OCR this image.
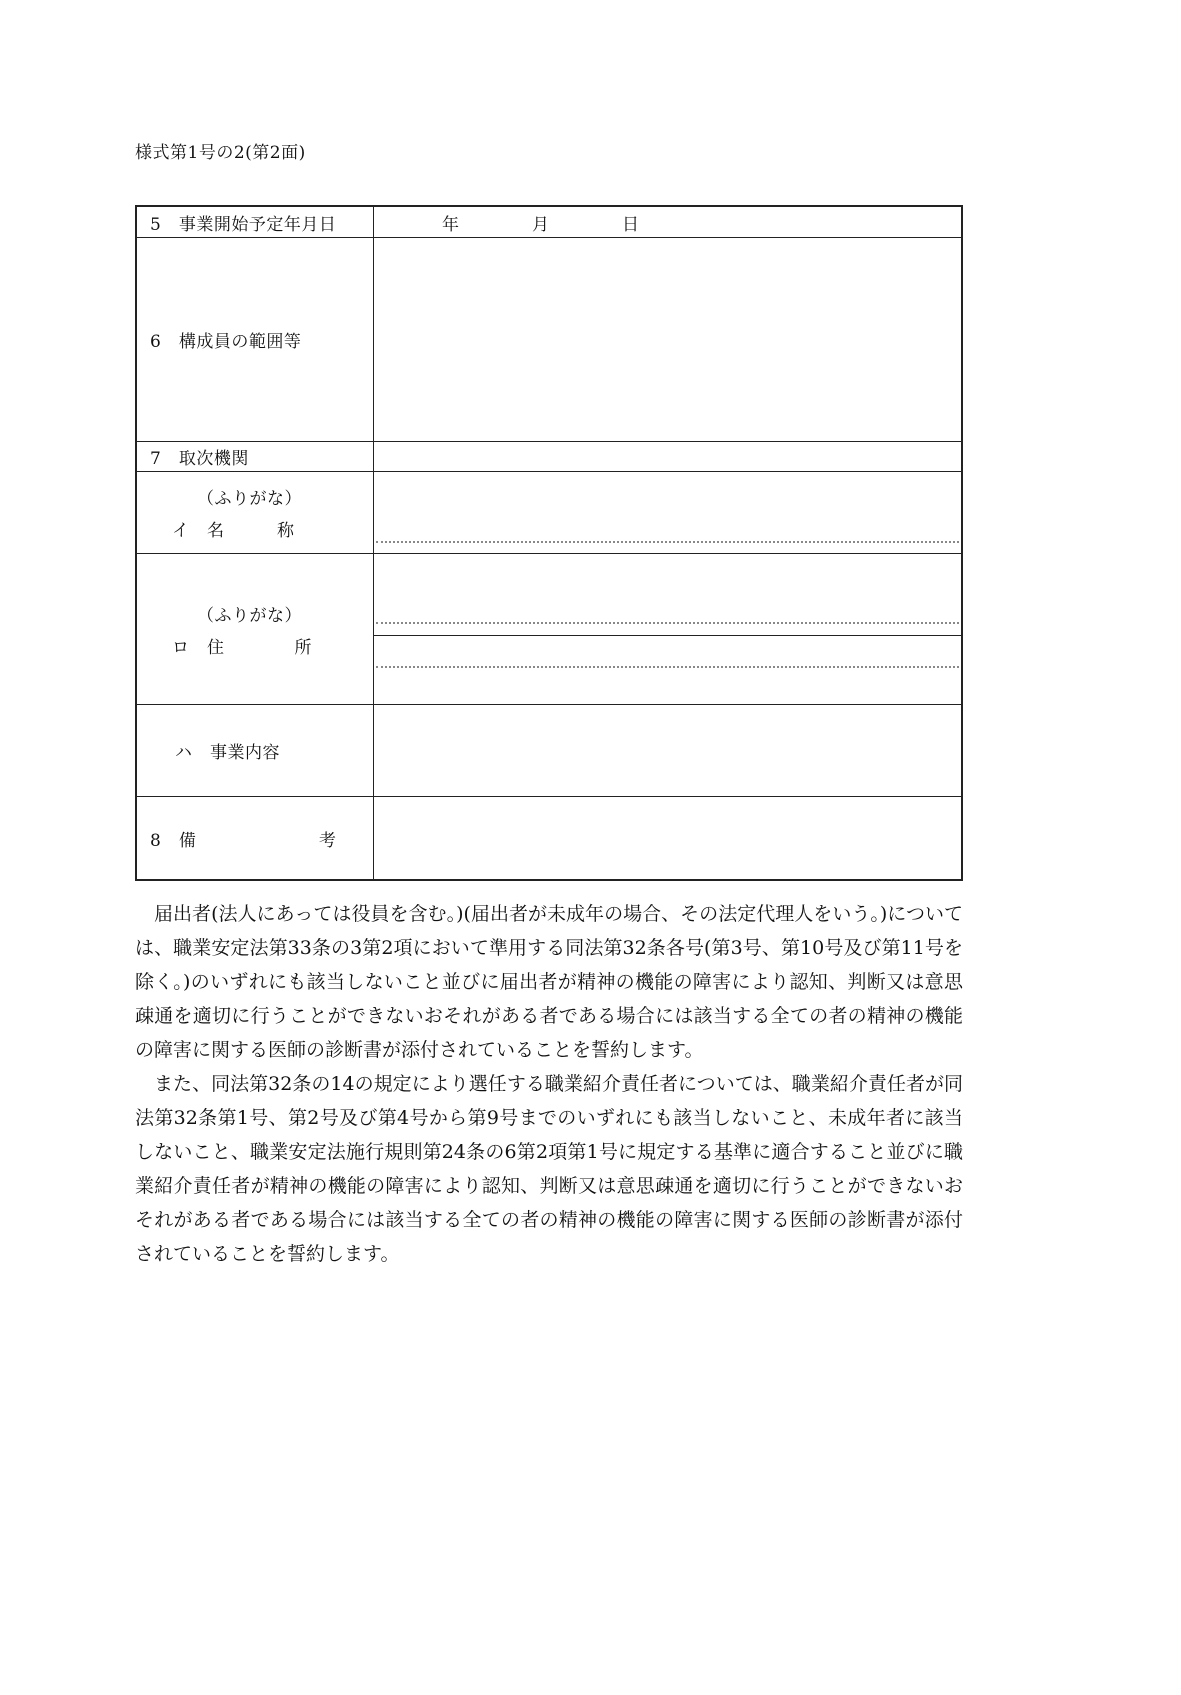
様式第1号の2(第2面)
5　事業開始予定年月日	年　　　　月　　　　日
6　構成員の範囲等
7　取次機関
（ふりがな）
イ　名　　　称
（ふりがな）
ロ　住　　　　所
ハ　事業内容
8　備　　　　　　　考

　届出者(法人にあっては役員を含む。)(届出者が未成年の場合、その法定代理人をいう。)については、職業安定法第33条の3第2項において準用する同法第32条各号(第3号、第10号及び第11号を除く。)のいずれにも該当しないこと並びに届出者が精神の機能の障害により認知、判断又は意思疎通を適切に行うことができないおそれがある者である場合には該当する全ての者の精神の機能の障害に関する医師の診断書が添付されていることを誓約します。

　また、同法第32条の14の規定により選任する職業紹介責任者については、職業紹介責任者が同法第32条第1号、第2号及び第4号から第9号までのいずれにも該当しないこと、未成年者に該当しないこと、職業安定法施行規則第24条の6第2項第1号に規定する基準に適合すること並びに職業紹介責任者が精神の機能の障害により認知、判断又は意思疎通を適切に行うことができないおそれがある者である場合には該当する全ての者の精神の機能の障害に関する医師の診断書が添付されていることを誓約します。
